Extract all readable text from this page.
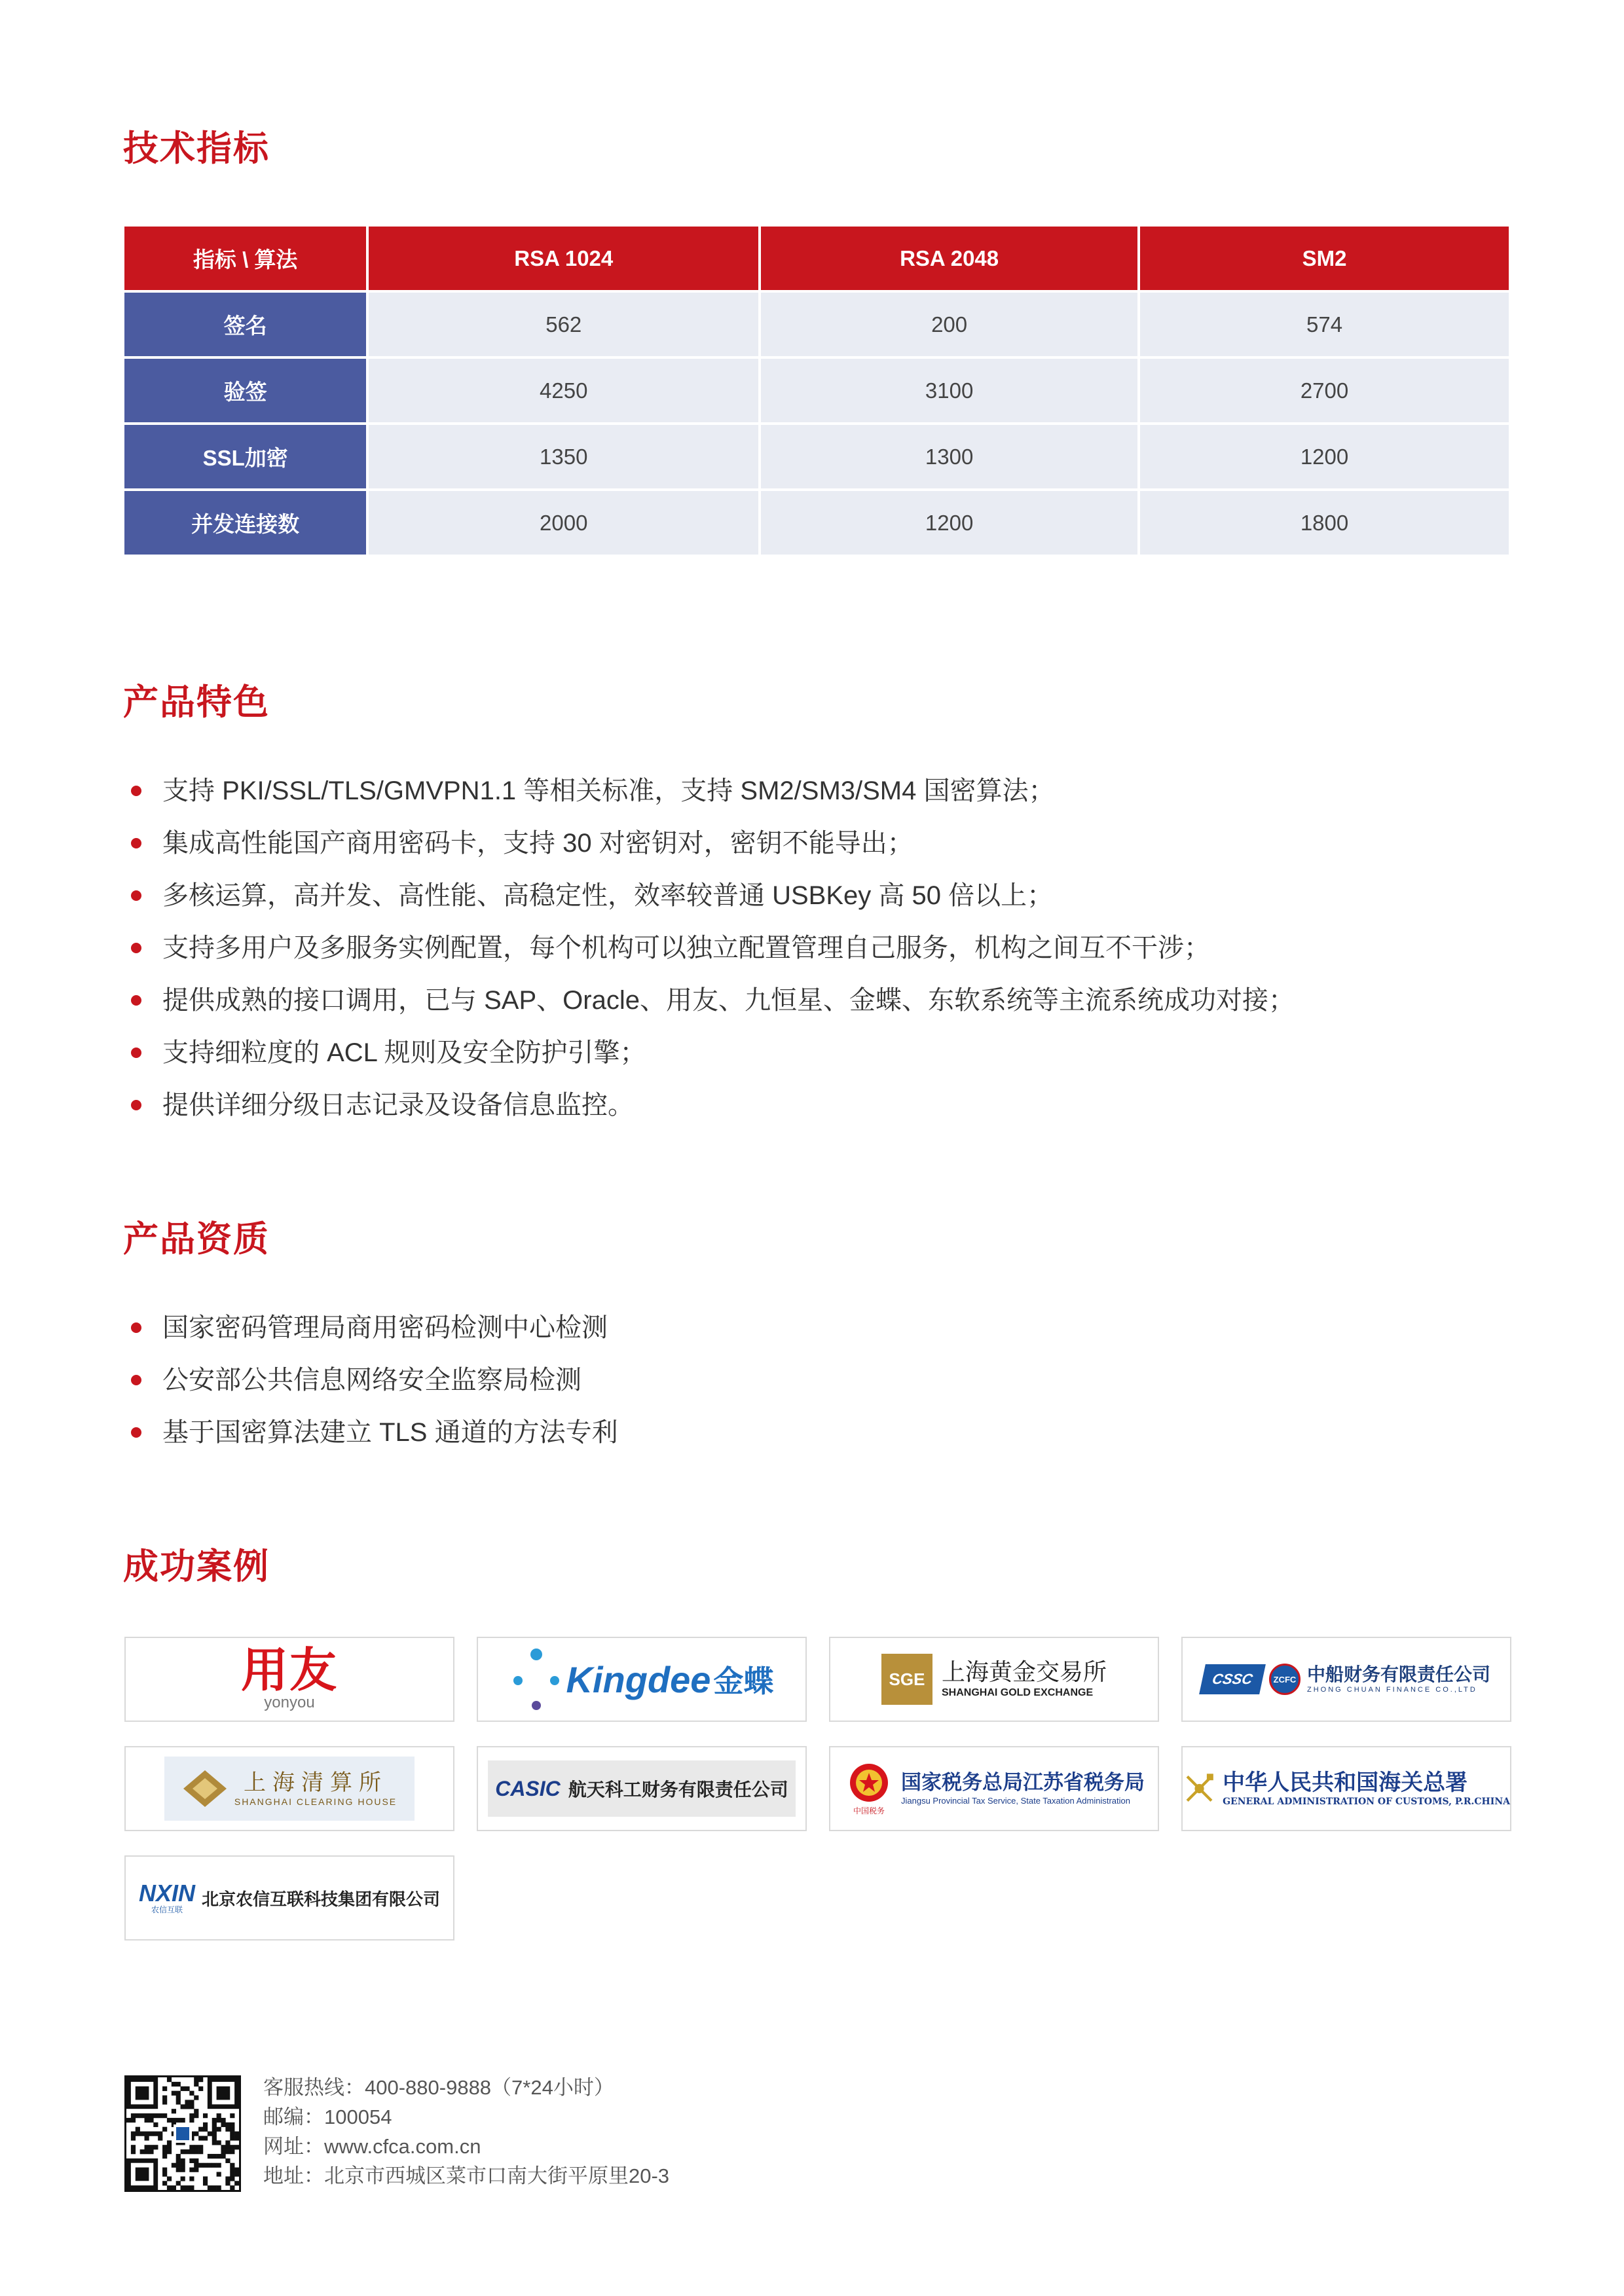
技术指标
指标 \ 算法	RSA 1024	RSA 2048	SM2
签名	562	200	574
验签	4250	3100	2700
SSL加密	1350	1300	1200
并发连接数	2000	1200	1800
产品特色
支持 PKI/SSL/TLS/GMVPN1.1 等相关标准，支持 SM2/SM3/SM4 国密算法；
集成高性能国产商用密码卡，支持 30 对密钥对，密钥不能导出；
多核运算，高并发、高性能、高稳定性，效率较普通 USBKey 高 50 倍以上；
支持多用户及多服务实例配置，每个机构可以独立配置管理自己服务，机构之间互不干涉；
提供成熟的接口调用，已与 SAP、Oracle、用友、九恒星、金蝶、东软系统等主流系统成功对接；
支持细粒度的 ACL 规则及安全防护引擎；
提供详细分级日志记录及设备信息监控。
产品资质
国家密码管理局商用密码检测中心检测
公安部公共信息网络安全监察局检测
基于国密算法建立 TLS 通道的方法专利
成功案例
用友
yonyou
Kingdee 金蝶	SGE 上海黄金交易所
SHANGHAI GOLD EXCHANGE
CSSC	ZCFC 中船财务有限责任公司
ZHONG CHUAN FINANCE CO.,LTD
上海清算所
SHANGHAI CLEARING HOUSE
CASIC 航天科工财务有限责任公司
中国税务
国家税务总局江苏省税务局
Jiangsu Provincial Tax Service, State Taxation Administration
中华人民共和国海关总署
GENERAL ADMINISTRATION OF CUSTOMS, P.R.CHINA
NXIN
农信互联
北京农信互联科技集团有限公司
客服热线：400-880-9888（7*24小时）
邮编：100054
网址：www.cfca.com.cn
地址：北京市西城区菜市口南大街平原里20-3
